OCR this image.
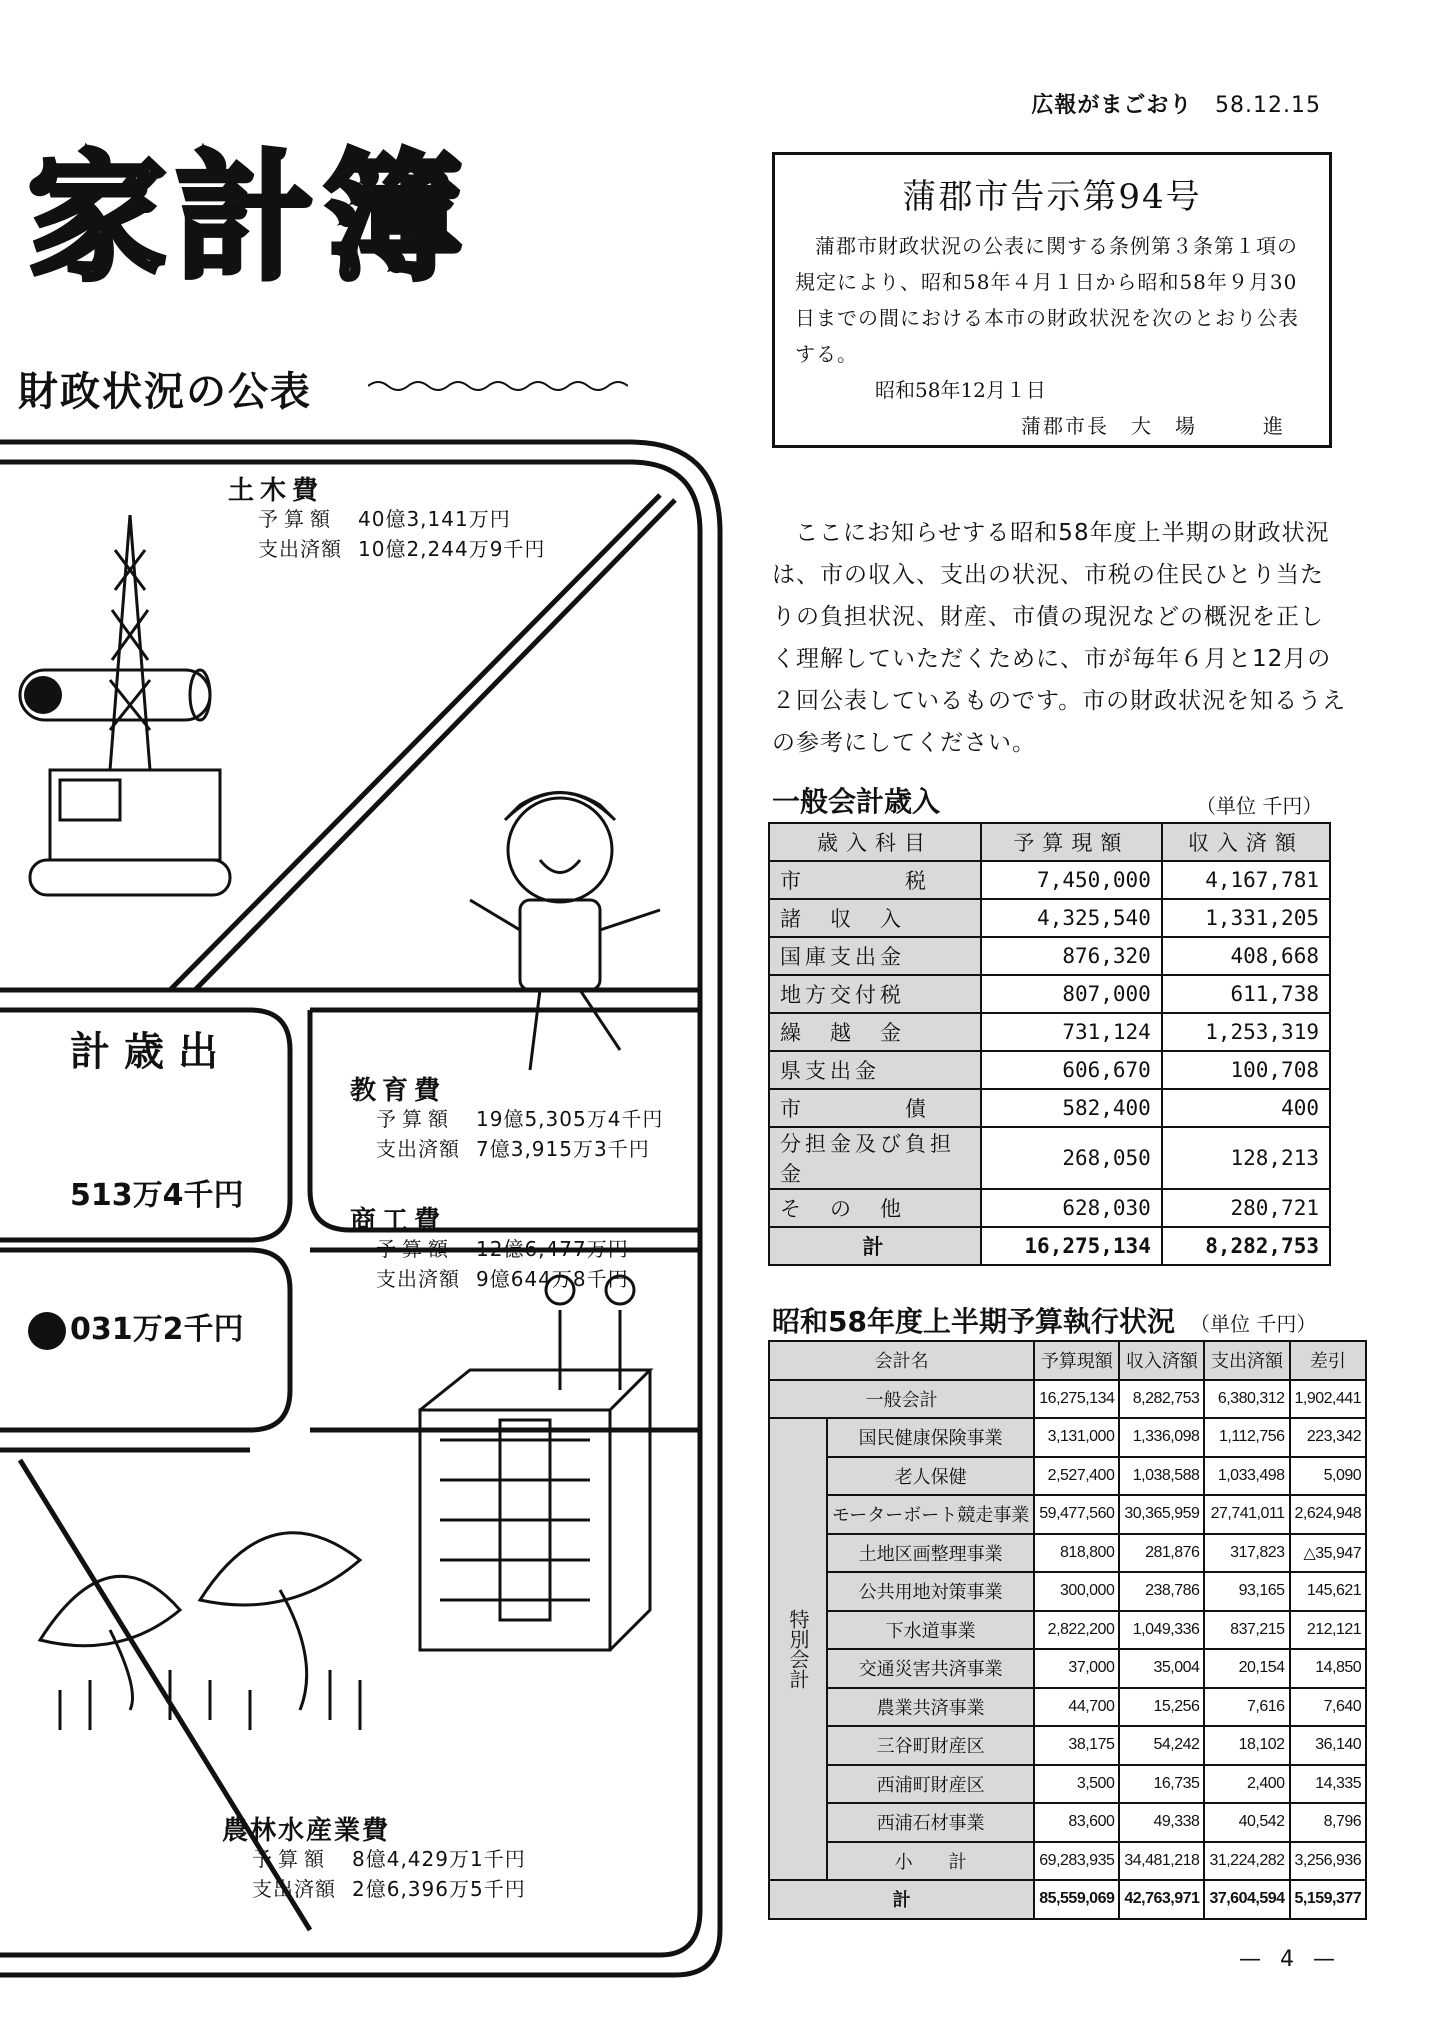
広報がまごおり 58.12.15
家計簿
財政状況の公表
蒲郡市告示第94号
蒲郡市財政状況の公表に関する条例第３条第１項の規定により、昭和58年４月１日から昭和58年９月30日までの間における本市の財政状況を次のとおり公表する。
昭和58年12月１日
蒲郡市長　大　場　　　進
ここにお知らせする昭和58年度上半期の財政状況は、市の収入、支出の状況、市税の住民ひとり当たりの負担状況、財産、市債の現況などの概況を正しく理解していただくために、市が毎年６月と12月の２回公表しているものです。市の財政状況を知るうえの参考にしてください。
一般会計歳入	（単位 千円）
歳入科目	予算現額	収入済額
市　　　　税	7,450,000	4,167,781
諸　収　入	4,325,540	1,331,205
国庫支出金	876,320	408,668
地方交付税	807,000	611,738
繰　越　金	731,124	1,253,319
県支出金	606,670	100,708
市　　　　債	582,400	400
分担金及び負担金	268,050	128,213
そ　の　他	628,030	280,721
計	16,275,134	8,282,753
昭和58年度上半期予算執行状況 （単位 千円）
会計名		予算現額	収入済額	支出済額	差引
一般会計		16,275,134	8,282,753	6,380,312	1,902,441
特別会計	国民健康保険事業	3,131,000	1,336,098	1,112,756	223,342
	老人保健	2,527,400	1,038,588	1,033,498	5,090
	モーターボート競走事業	59,477,560	30,365,959	27,741,011	2,624,948
	土地区画整理事業	818,800	281,876	317,823	△35,947
	公共用地対策事業	300,000	238,786	93,165	145,621
	下水道事業	2,822,200	1,049,336	837,215	212,121
	交通災害共済事業	37,000	35,004	20,154	14,850
	農業共済事業	44,700	15,256	7,616	7,640
	三谷町財産区	38,175	54,242	18,102	36,140
	西浦町財産区	3,500	16,735	2,400	14,335
	西浦石材事業	83,600	49,338	40,542	8,796
	小　　計	69,283,935	34,481,218	31,224,282	3,256,936
計		85,559,069	42,763,971	37,604,594	5,159,377
土木費
予算額 40億3,141万円
支出済額 10億2,244万9千円
計歳出
513万4千円
031万2千円
教育費
予算額 19億5,305万4千円
支出済額 7億3,915万3千円
商工費
予算額 12億6,477万円
支出済額 9億644万8千円
農林水産業費
予算額 8億4,429万1千円
支出済額 2億6,396万5千円
— 4 —
